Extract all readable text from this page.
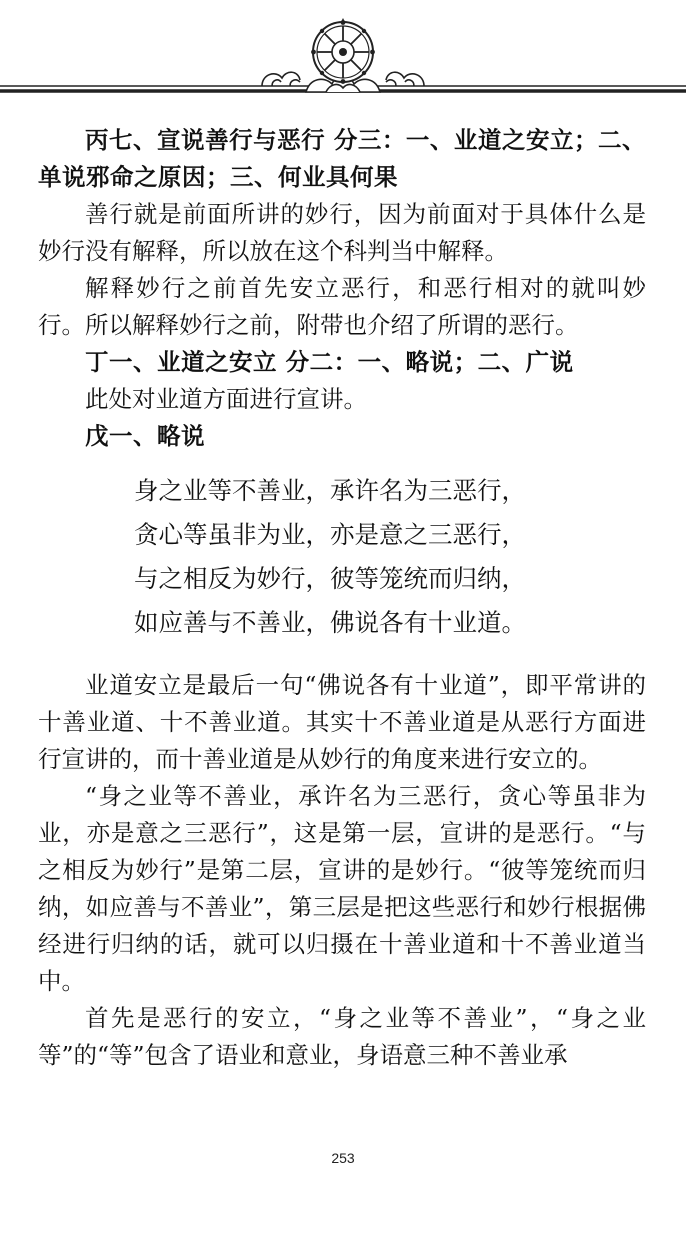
丙七、宣说善行与恶行 分三：一、业道之安立；二、单说邪命之原因；三、何业具何果

善行就是前面所讲的妙行，因为前面对于具体什么是妙行没有解释，所以放在这个科判当中解释。

解释妙行之前首先安立恶行，和恶行相对的就叫妙行。所以解释妙行之前，附带也介绍了所谓的恶行。

丁一、业道之安立 分二：一、略说；二、广说

此处对业道方面进行宣讲。

戊一、略说

身之业等不善业，承许名为三恶行，
贪心等虽非为业，亦是意之三恶行，
与之相反为妙行，彼等笼统而归纳，
如应善与不善业，佛说各有十业道。

业道安立是最后一句“佛说各有十业道”，即平常讲的十善业道、十不善业道。其实十不善业道是从恶行方面进行宣讲的，而十善业道是从妙行的角度来进行安立的。

“身之业等不善业，承许名为三恶行，贪心等虽非为业，亦是意之三恶行”，这是第一层，宣讲的是恶行。“与之相反为妙行”是第二层，宣讲的是妙行。“彼等笼统而归纳，如应善与不善业”，第三层是把这些恶行和妙行根据佛经进行归纳的话，就可以归摄在十善业道和十不善业道当中。

首先是恶行的安立，“身之业等不善业”，“身之业等”的“等”包含了语业和意业，身语意三种不善业承

253
